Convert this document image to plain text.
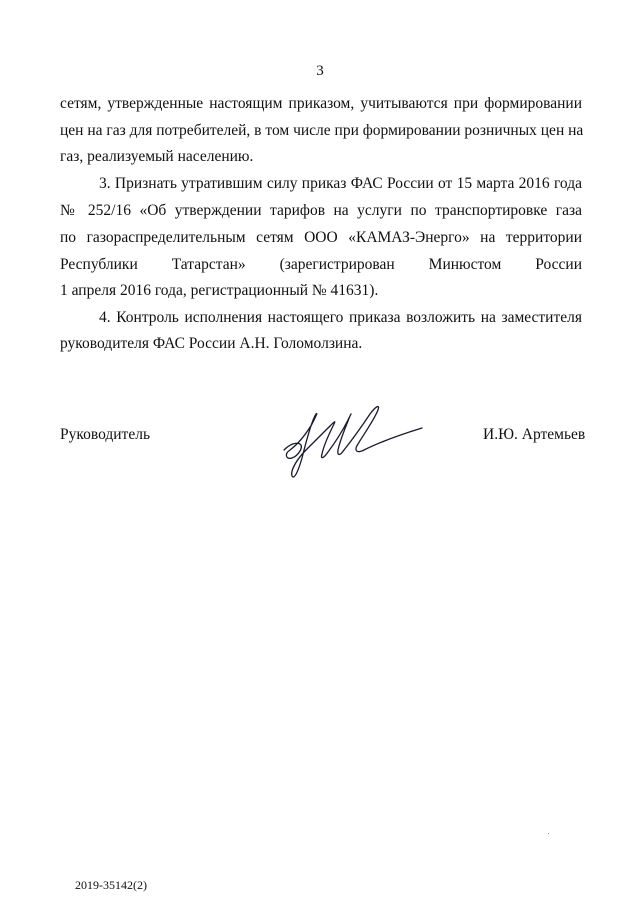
3
сетям, утвержденные настоящим приказом, учитываются при формировании
цен на газ для потребителей, в том числе при формировании розничных цен на
газ, реализуемый населению.
3. Признать утратившим силу приказ ФАС России от 15 марта 2016 года
№ 252/16 «Об утверждении тарифов на услуги по транспортировке газа
по газораспределительным сетям ООО «КАМАЗ-Энерго» на территории
Республики Татарстан» (зарегистрирован Минюстом России
1 апреля 2016 года, регистрационный № 41631).
4. Контроль исполнения настоящего приказа возложить на заместителя
руководителя ФАС России А.Н. Голомолзина.
Руководитель	И.Ю. Артемьев
2019-35142(2)
